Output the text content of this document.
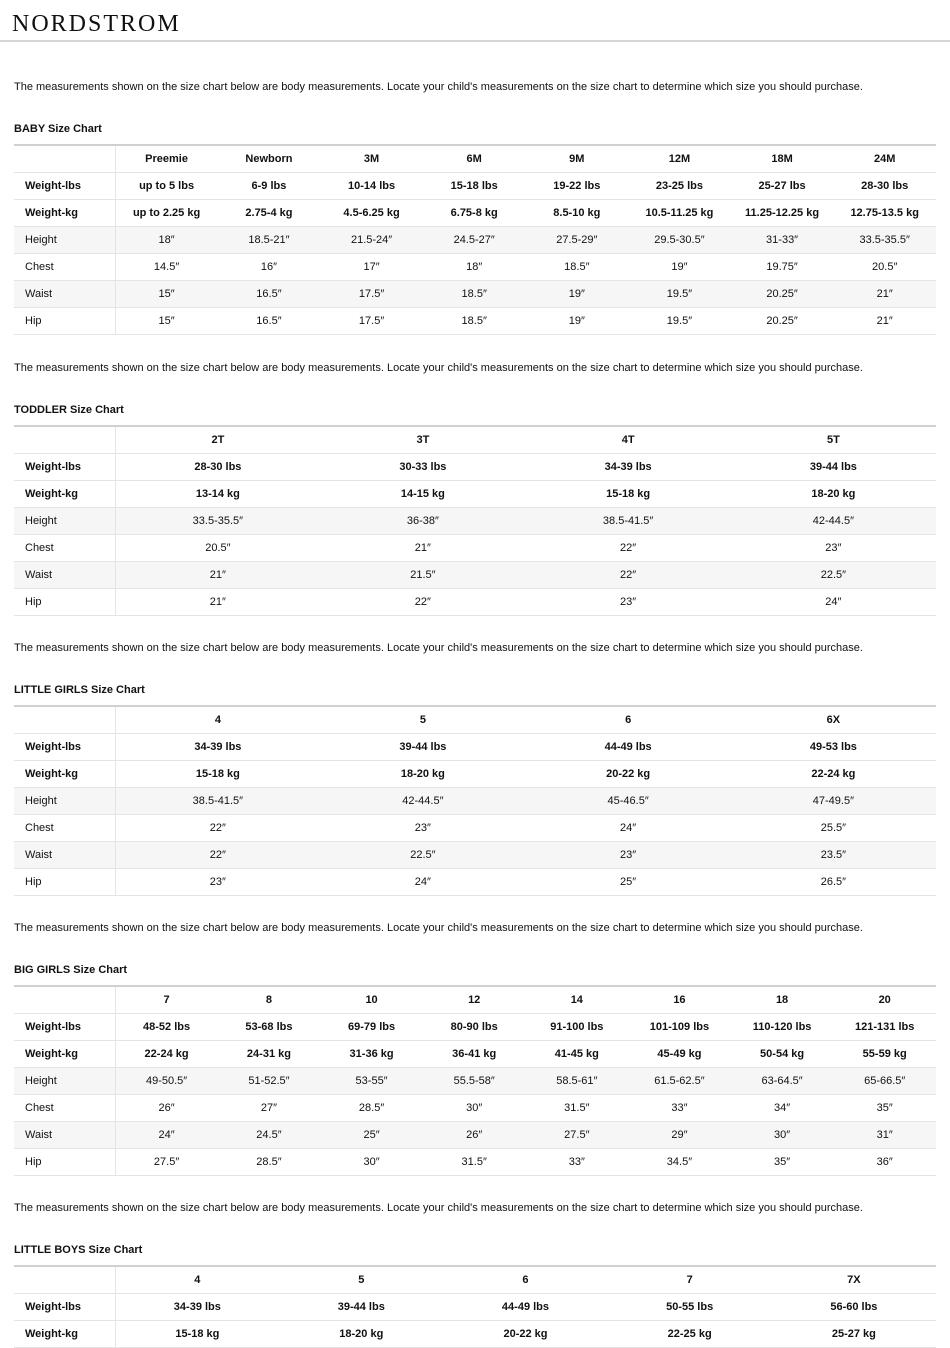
NORDSTROM

The measurements shown on the size chart below are body measurements. Locate your child's measurements on the size chart to determine which size you should purchase.

BABY Size Chart

	Preemie	Newborn	3M	6M	9M	12M	18M	24M
Weight-lbs	up to 5 lbs	6-9 lbs	10-14 lbs	15-18 lbs	19-22 lbs	23-25 lbs	25-27 lbs	28-30 lbs
Weight-kg	up to 2.25 kg	2.75-4 kg	4.5-6.25 kg	6.75-8 kg	8.5-10 kg	10.5-11.25 kg	11.25-12.25 kg	12.75-13.5 kg
Height	18″	18.5-21″	21.5-24″	24.5-27″	27.5-29″	29.5-30.5″	31-33″	33.5-35.5″
Chest	14.5″	16″	17″	18″	18.5″	19″	19.75″	20.5″
Waist	15″	16.5″	17.5″	18.5″	19″	19.5″	20.25″	21″
Hip	15″	16.5″	17.5″	18.5″	19″	19.5″	20.25″	21″

The measurements shown on the size chart below are body measurements. Locate your child's measurements on the size chart to determine which size you should purchase.

TODDLER Size Chart

	2T	3T	4T	5T
Weight-lbs	28-30 lbs	30-33 lbs	34-39 lbs	39-44 lbs
Weight-kg	13-14 kg	14-15 kg	15-18 kg	18-20 kg
Height	33.5-35.5″	36-38″	38.5-41.5″	42-44.5″
Chest	20.5″	21″	22″	23″
Waist	21″	21.5″	22″	22.5″
Hip	21″	22″	23″	24″

The measurements shown on the size chart below are body measurements. Locate your child's measurements on the size chart to determine which size you should purchase.

LITTLE GIRLS Size Chart

	4	5	6	6X
Weight-lbs	34-39 lbs	39-44 lbs	44-49 lbs	49-53 lbs
Weight-kg	15-18 kg	18-20 kg	20-22 kg	22-24 kg
Height	38.5-41.5″	42-44.5″	45-46.5″	47-49.5″
Chest	22″	23″	24″	25.5″
Waist	22″	22.5″	23″	23.5″
Hip	23″	24″	25″	26.5″

The measurements shown on the size chart below are body measurements. Locate your child's measurements on the size chart to determine which size you should purchase.

BIG GIRLS Size Chart

	7	8	10	12	14	16	18	20
Weight-lbs	48-52 lbs	53-68 lbs	69-79 lbs	80-90 lbs	91-100 lbs	101-109 lbs	110-120 lbs	121-131 lbs
Weight-kg	22-24 kg	24-31 kg	31-36 kg	36-41 kg	41-45 kg	45-49 kg	50-54 kg	55-59 kg
Height	49-50.5″	51-52.5″	53-55″	55.5-58″	58.5-61″	61.5-62.5″	63-64.5″	65-66.5″
Chest	26″	27″	28.5″	30″	31.5″	33″	34″	35″
Waist	24″	24.5″	25″	26″	27.5″	29″	30″	31″
Hip	27.5″	28.5″	30″	31.5″	33″	34.5″	35″	36″

The measurements shown on the size chart below are body measurements. Locate your child's measurements on the size chart to determine which size you should purchase.

LITTLE BOYS Size Chart

	4	5	6	7	7X
Weight-lbs	34-39 lbs	39-44 lbs	44-49 lbs	50-55 lbs	56-60 lbs
Weight-kg	15-18 kg	18-20 kg	20-22 kg	22-25 kg	25-27 kg
